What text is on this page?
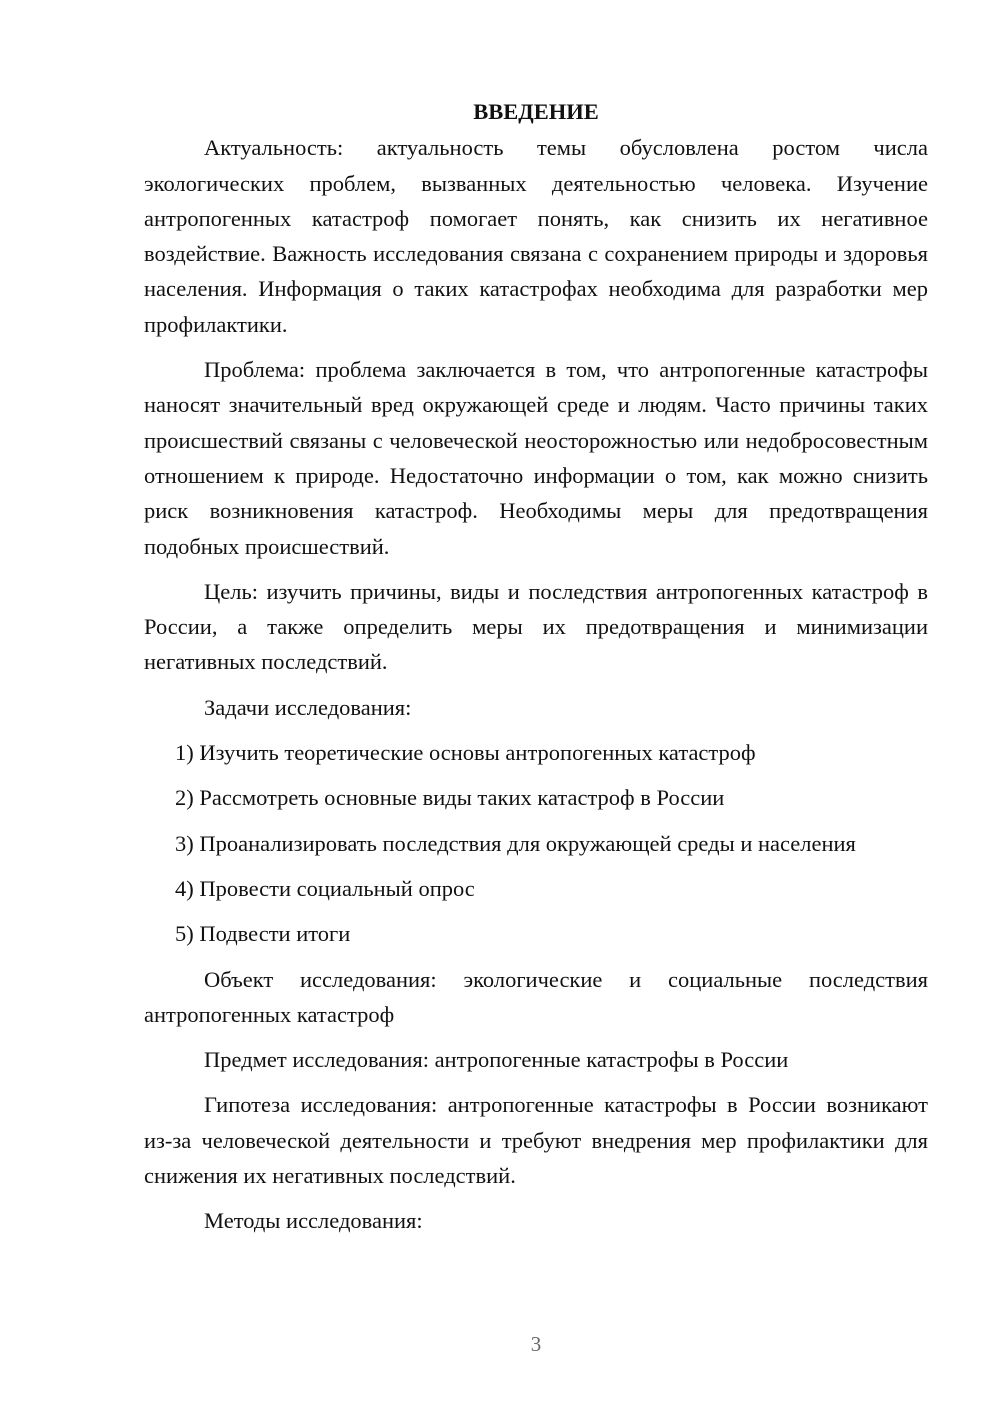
ВВЕДЕНИЕ

Актуальность: актуальность темы обусловлена ростом числа экологических проблем, вызванных деятельностью человека. Изучение антропогенных катастроф помогает понять, как снизить их негативное воздействие. Важность исследования связана с сохранением природы и здоровья населения. Информация о таких катастрофах необходима для разработки мер профилактики.

Проблема: проблема заключается в том, что антропогенные катастрофы наносят значительный вред окружающей среде и людям. Часто причины таких происшествий связаны с человеческой неосторожностью или недобросовестным отношением к природе. Недостаточно информации о том, как можно снизить риск возникновения катастроф. Необходимы меры для предотвращения подобных происшествий.

Цель: изучить причины, виды и последствия антропогенных катастроф в России, а также определить меры их предотвращения и минимизации негативных последствий.

Задачи исследования:

1) Изучить теоретические основы антропогенных катастроф
2) Рассмотреть основные виды таких катастроф в России
3) Проанализировать последствия для окружающей среды и населения
4) Провести социальный опрос
5) Подвести итоги

Объект исследования: экологические и социальные последствия антропогенных катастроф

Предмет исследования: антропогенные катастрофы в России

Гипотеза исследования: антропогенные катастрофы в России возникают из-за человеческой деятельности и требуют внедрения мер профилактики для снижения их негативных последствий.

Методы исследования:

3
